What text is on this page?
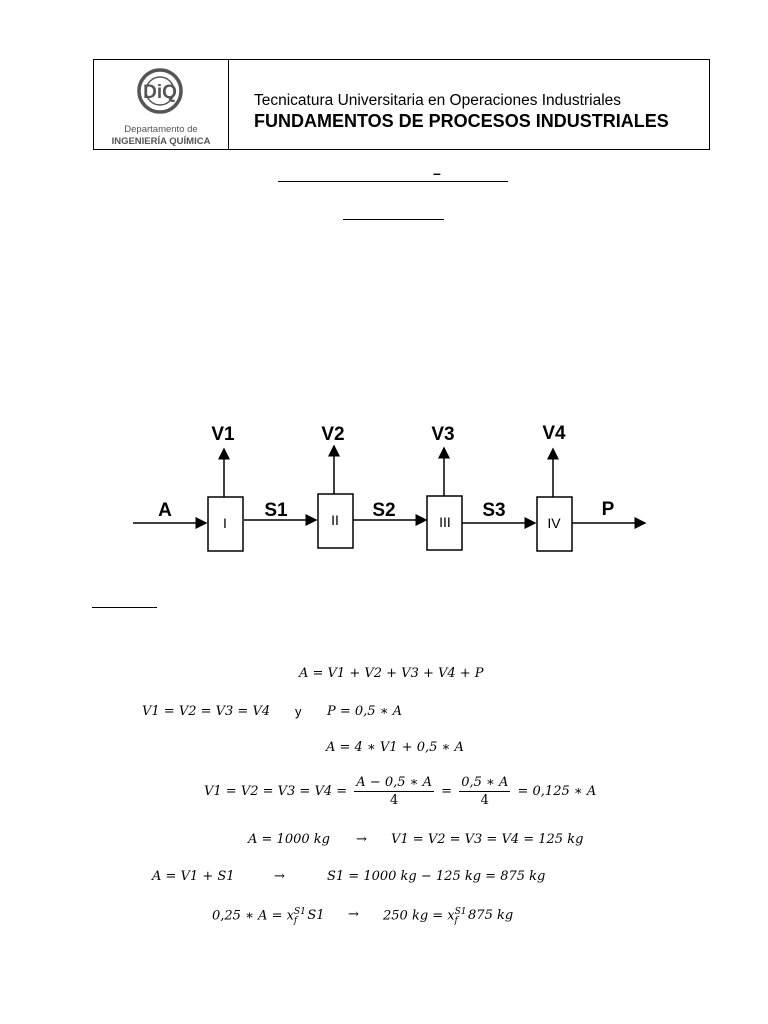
DiQ
Departamento de
INGENIERÍA QUÍMICA
Tecnicatura Universitaria en Operaciones Industriales
FUNDAMENTOS DE PROCESOS INDUSTRIALES
–
I	II	III	IV
V1	V2	V3	V4
A	S1	S2	S3	P
A = V1 + V2 + V3 + V4 + P
V1 = V2 = V3 = V4 y P = 0,5 ∗ A
A = 4 ∗ V1 + 0,5 ∗ A
$V1 = V2 = V3 = V4 = \frac{A - 0,5 ∗ A}{4} = \frac{0,5 ∗ A}{4} = 0,125$ ∗ A
A = 1000 kg → V1 = V2 = V3 = V4 = 125 kg
A = V1 + S1	→	S1 = 1000 kg − 125 kg = 875 kg
0,25 ∗ $A = x^{S1}_f$ S1 → 250 kg = $x^{S1}_f$ 875 kg
